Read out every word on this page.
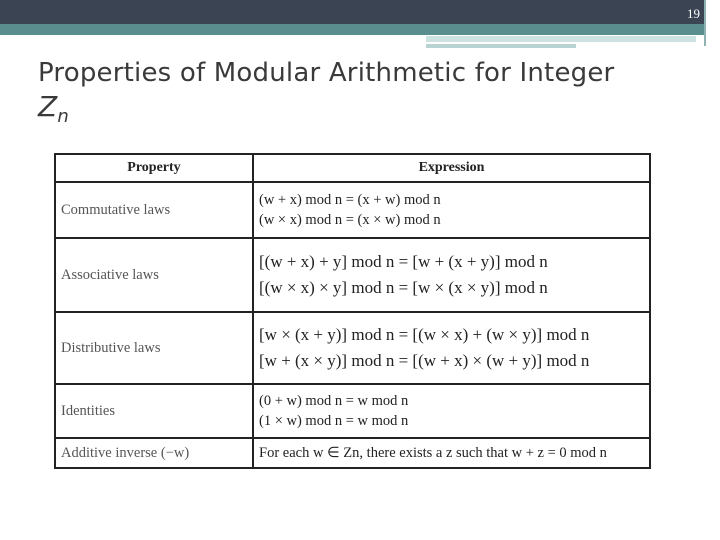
19
Properties of Modular Arithmetic for Integer
$Z_n$
Property	Expression
Commutative laws	(w + x) mod n = (x + w) mod n
(w × x) mod n = (x × w) mod n

Associative laws	[(w + x) + y] mod n = [w + (x + y)] mod n
[(w × x) × y] mod n = [w × (x × y)] mod n

Distributive laws	[w × (x + y)] mod n = [(w × x) + (w × y)] mod n
[w + (x × y)] mod n = [(w + x) × (w + y)] mod n

Identities	(0 + w) mod n = w mod n
(1 × w) mod n = w mod n

Additive inverse (−w)	For each w ∈ Zn, there exists a z such that w + z = 0 mod n
